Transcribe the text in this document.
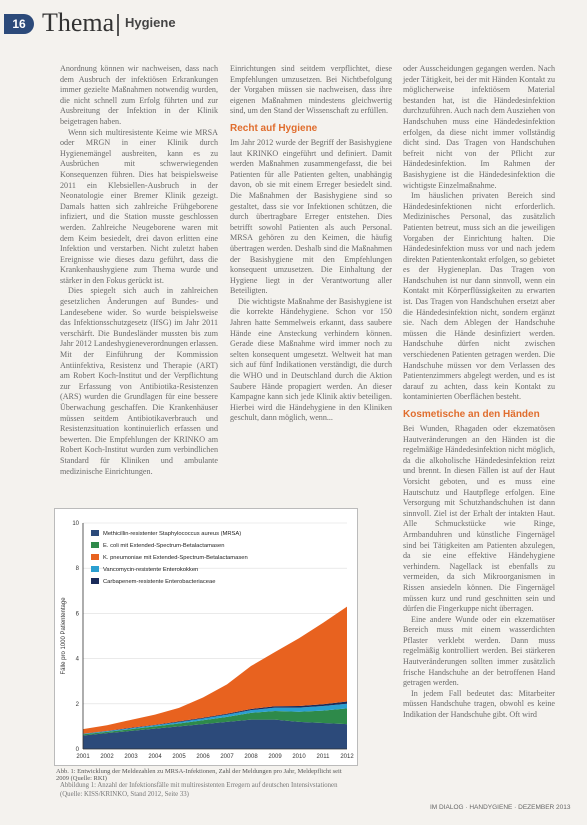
16 Thema Hygiene

Anordnung können wir nachweisen, dass nach dem Ausbruch der infektiösen Erkrankungen immer gezielte Maßnahmen notwendig wurden, die nicht schnell zum Erfolg führten und zur Ausbreitung der Infektion in der Klinik beigetragen haben.

Wenn sich multiresistente Keime wie MRSA oder MRGN in einer Klinik durch Hygienemängel ausbreiten, kann es zu Ausbrüchen mit schwerwiegenden Konsequenzen führen. Dies hat beispielsweise 2011 ein Klebsiellen-Ausbruch in der Neonatologie einer Bremer Klinik gezeigt. Damals hatten sich zahlreiche Frühgeborene infiziert, und die Station musste geschlossen werden. Zahlreiche Neugeborene waren mit dem Keim besiedelt, drei davon erlitten eine Infektion und verstarben. Nicht zuletzt haben Ereignisse wie dieses dazu geführt, dass die Krankenhaushygiene zum Thema wurde und stärker in den Fokus gerückt ist.

Dies spiegelt sich auch in zahlreichen gesetzlichen Änderungen auf Bundes- und Landesebene wider. So wurde beispielsweise das Infektionsschutzgesetz (IfSG) im Jahr 2011 verschärft. Die Bundesländer mussten bis zum Jahr 2012 Landeshygieneverordnungen erlassen. Mit der Einführung der Kommission Antiinfektiva, Resistenz und Therapie (ART) am Robert Koch-Institut und der Verpflichtung zur Erfassung von Antibiotika-Resistenzen (ARS) wurden die Grundlagen für eine bessere Überwachung geschaffen. Die Krankenhäuser müssen seitdem Antibiotikaverbrauch und Resistenzsituation kontinuierlich erfassen und bewerten. Die Empfehlungen der KRINKO am Robert Koch-Institut wurden zum verbindlichen Standard für Kliniken und ambulante medizinische Einrichtungen.

Einrichtungen sind seitdem verpflichtet, diese Empfehlungen umzusetzen. Bei Nichtbefolgung der Vorgaben müssen sie nachweisen, dass ihre eigenen Maßnahmen mindestens gleichwertig sind, um den Stand der Wissenschaft zu erfüllen.

Recht auf Hygiene

Im Jahr 2012 wurde der Begriff der Basishygiene laut KRINKO eingeführt und definiert. Damit werden Maßnahmen zusammengefasst, die bei Patienten für alle Patienten gelten, unabhängig davon, ob sie mit einem Erreger besiedelt sind. Die Maßnahmen der Basishygiene sind so gestaltet, dass sie vor Infektionen schützen, die durch übertragbare Erreger entstehen. Dies betrifft sowohl Patienten als auch Personal. MRSA gehören zu den Keimen, die häufig übertragen werden. Deshalb sind die Maßnahmen der Basishygiene mit den Empfehlungen konsequent umzusetzen. Die Einhaltung der Hygiene liegt in der Verantwortung aller Beteiligten.

Die wichtigste Maßnahme der Basishygiene ist die korrekte Händehygiene. Schon vor 150 Jahren hatte Semmelweis erkannt, dass saubere Hände eine Ansteckung verhindern können. Gerade diese Maßnahme wird immer noch zu selten konsequent umgesetzt. Weltweit hat man sich auf fünf Indikationen verständigt, die durch die WHO und in Deutschland durch die Aktion Saubere Hände propagiert werden. An dieser Kampagne kann sich jede Klinik aktiv beteiligen. Hierbei wird die Händehygiene in den Kliniken geschult, dann möglich, wenn...

oder Ausscheidungen gegangen werden. Nach jeder Tätigkeit, bei der mit Händen Kontakt zu möglicherweise infektiösem Material bestanden hat, ist die Händedesinfektion durchzuführen. Auch nach dem Ausziehen von Handschuhen muss eine Händedesinfektion erfolgen, da diese nicht immer vollständig dicht sind. Das Tragen von Handschuhen befreit nicht von der Pflicht zur Händedesinfektion. Im Rahmen der Basishygiene ist die Händedesinfektion die wichtigste Einzelmaßnahme.

Im häuslichen privaten Bereich sind Händedesinfektionen nicht erforderlich. Medizinisches Personal, das zusätzlich Patienten betreut, muss sich an die jeweiligen Vorgaben der Einrichtung halten. Die Händedesinfektion muss vor und nach jedem direkten Patientenkontakt erfolgen, so gebietet es der Hygieneplan. Das Tragen von Handschuhen ist nur dann sinnvoll, wenn ein Kontakt mit Körperflüssigkeiten zu erwarten ist. Das Tragen von Handschuhen ersetzt aber die Händedesinfektion nicht, sondern ergänzt sie. Nach dem Ablegen der Handschuhe müssen die Hände desinfiziert werden. Handschuhe dürfen nicht zwischen verschiedenen Patienten getragen werden. Die Handschuhe müssen vor dem Verlassen des Patientenzimmers abgelegt werden, und es ist darauf zu achten, dass kein Kontakt zu kontaminierten Oberflächen besteht.

Kosmetische an den Händen

Bei Wunden, Rhagaden oder ekzematösen Hautveränderungen an den Händen ist die regelmäßige Händedesinfektion nicht möglich, da die alkoholische Händedesinfektion reizt und brennt. In diesen Fällen ist auf der Haut Vorsicht geboten, und es muss eine Hautschutz und Hautpflege erfolgen. Eine Versorgung mit Schutzhandschuhen ist dann sinnvoll. Ziel ist der Erhalt der intakten Haut. Alle Schmuckstücke wie Ringe, Armbanduhren und künstliche Fingernägel sind bei Tätigkeiten am Patienten abzulegen, da sie eine effektive Händehygiene verhindern. Nagellack ist ebenfalls zu vermeiden, da sich Mikroorganismen in Rissen ansiedeln können. Die Fingernägel müssen kurz und rund geschnitten sein und dürfen die Fingerkuppe nicht überragen.

Eine andere Wunde oder ein ekzematöser Bereich muss mit einem wasserdichten Pflaster verklebt werden. Dann muss regelmäßig kontrolliert werden. Bei stärkeren Hautveränderungen sollten immer zusätzlich frische Handschuhe an der betroffenen Hand getragen werden.

In jedem Fall bedeutet das: Mitarbeiter müssen Handschuhe tragen, obwohl es keine Indikation der Handschuhe gibt. Oft wird

0
2
4
6
8
10
2001 2002 2003 2004 2005 2006 2007 2008 2009 2010 2011 2012
Fälle pro 1000 Patiententage
Methicillin-resistenter Staphylococcus aureus (MRSA)
E. coli mit Extended-Spectrum-Betalactamasen
K. pneumoniae mit Extended-Spectrum-Betalactamasen
Vancomycin-resistente Enterokokken
Carbapenem-resistente Enterobacteriaceae
Abb. 1: Entwicklung der Meldezahlen zu MRSA-Infektionen, Zahl der Meldungen pro Jahr, Meldepflicht seit 2009 (Quelle: RKI)
Abbildung 1: Anzahl der Infektionsfälle mit multiresistenten Erregern auf deutschen Intensivstationen (Quelle: KISS/KRINKO, Stand 2012, Seite 33)
IM DIALOG · HANDYGIENE · DEZEMBER 2013
